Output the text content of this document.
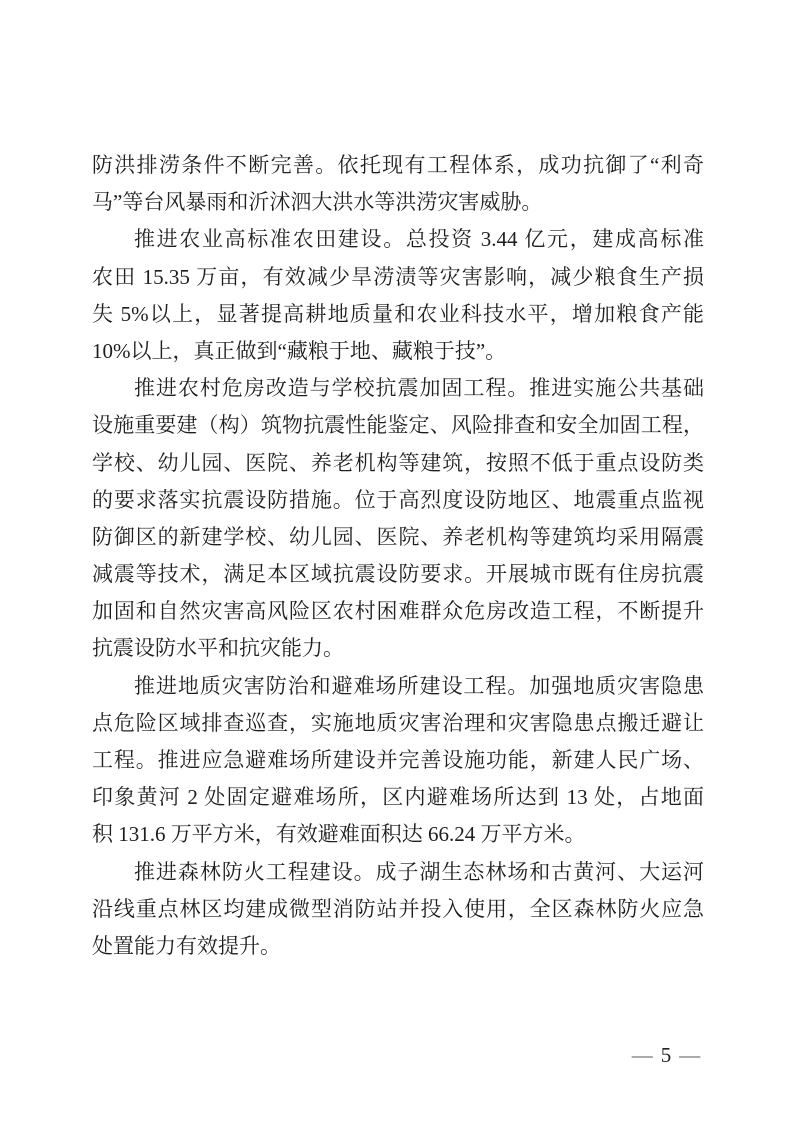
防洪排涝条件不断完善。依托现有工程体系，成功抗御了“利奇
马”等台风暴雨和沂沭泗大洪水等洪涝灾害威胁。
推进农业高标准农田建设。总投资 3.44 亿元，建成高标准
农田 15.35 万亩，有效减少旱涝渍等灾害影响，减少粮食生产损
失 5%以上，显著提高耕地质量和农业科技水平，增加粮食产能
10%以上，真正做到“藏粮于地、藏粮于技”。
推进农村危房改造与学校抗震加固工程。推进实施公共基础
设施重要建（构）筑物抗震性能鉴定、风险排查和安全加固工程，
学校、幼儿园、医院、养老机构等建筑，按照不低于重点设防类
的要求落实抗震设防措施。位于高烈度设防地区、地震重点监视
防御区的新建学校、幼儿园、医院、养老机构等建筑均采用隔震
减震等技术，满足本区域抗震设防要求。开展城市既有住房抗震
加固和自然灾害高风险区农村困难群众危房改造工程，不断提升
抗震设防水平和抗灾能力。
推进地质灾害防治和避难场所建设工程。加强地质灾害隐患
点危险区域排查巡查，实施地质灾害治理和灾害隐患点搬迁避让
工程。推进应急避难场所建设并完善设施功能，新建人民广场、
印象黄河 2 处固定避难场所，区内避难场所达到 13 处，占地面
积 131.6 万平方米，有效避难面积达 66.24 万平方米。
推进森林防火工程建设。成子湖生态林场和古黄河、大运河
沿线重点林区均建成微型消防站并投入使用，全区森林防火应急
处置能力有效提升。
— 5 —
